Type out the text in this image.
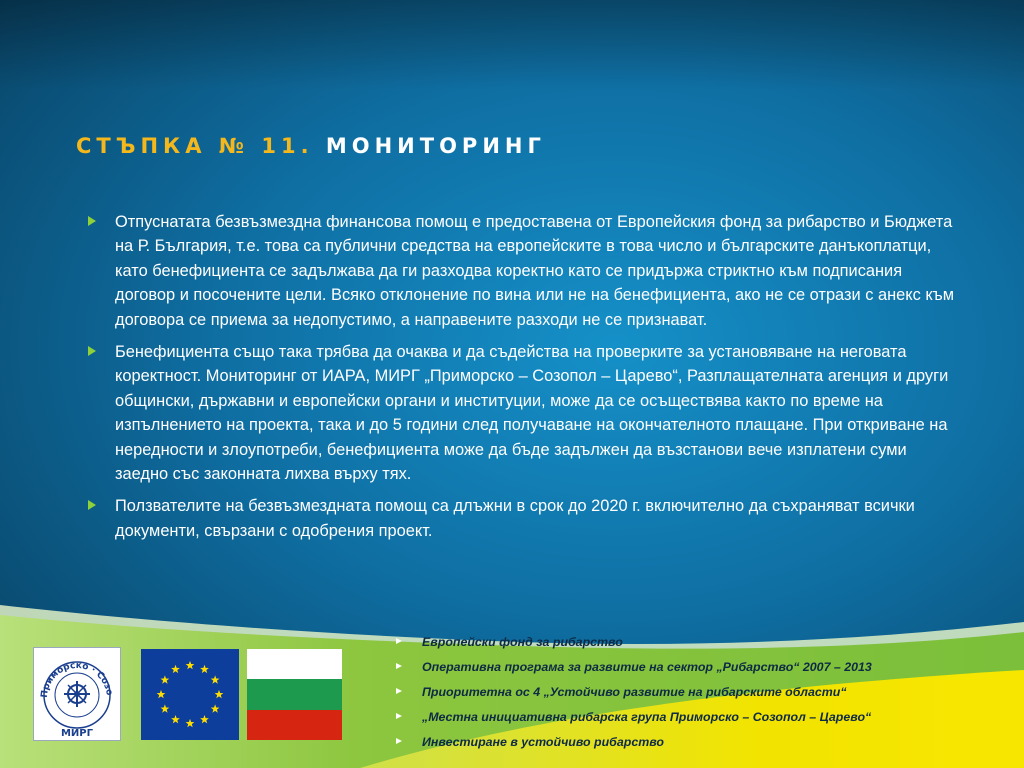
СТЪПКА № 11. МОНИТОРИНГ
Отпуснатата безвъзмездна финансова помощ е предоставена от Европейския фонд за рибарство и Бюджета на Р. България, т.е. това са публични средства на европейските в това число и българските данъкоплатци, като бенефициента се задължава да ги разходва коректно като се придържа стриктно към подписания договор и посочените цели. Всяко отклонение по вина или не на бенефициента, ако не се отрази с анекс към договора се приема за недопустимо, а направените разходи не се признават.
Бенефициента също така трябва да очаква и да съдейства на проверките за установяване на неговата коректност. Мониторинг от ИАРА, МИРГ „Приморско – Созопол – Царево“, Разплащателната агенция и други общински, държавни и европейски органи и институции, може да се осъществява както по време на изпълнението на проекта, така и до 5 години след получаване на окончателното плащане. При откриване на нередности и злоупотреби, бенефициента може да бъде задължен да възстанови вече изплатени суми заедно със законната лихва върху тях.
Ползвателите на безвъзмездната помощ са длъжни в срок до 2020 г. включително да съхраняват всички документи, свързани с одобрения проект.
Приморско · Созо
МИРГ
Европейски фонд за рибарство
Оперативна програма за развитие на сектор „Рибарство“ 2007 – 2013
Приоритетна ос 4 „Устойчиво развитие на рибарските области“
„Местна инициативна рибарска група Приморско – Созопол – Царево“
Инвестиране в устойчиво рибарство
